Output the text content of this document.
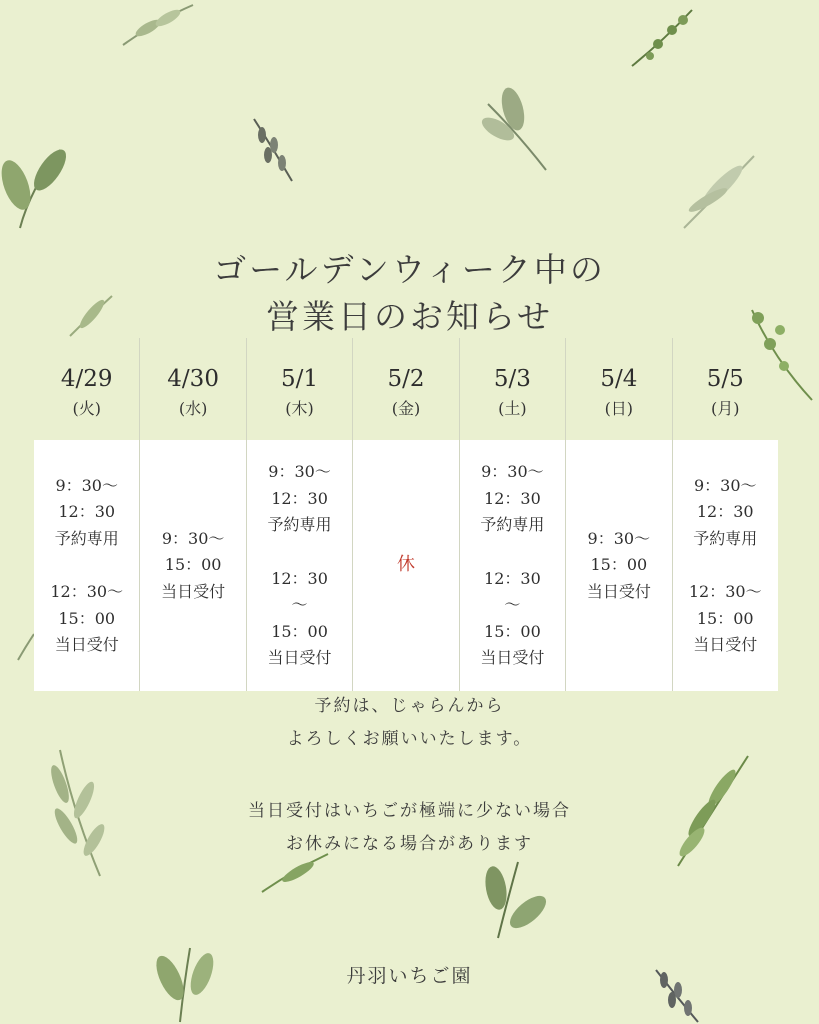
ゴールデンウィーク中の
営業日のお知らせ
4/29
(火)
9：30〜
12：30
予約専用
12：30〜
15：00
当日受付
4/30
(水)
9：30〜
15：00
当日受付
5/1
(木)
9：30〜
12：30
予約専用
12：30
〜
15：00
当日受付
5/2
(金)
休
5/3
(土)
9：30〜
12：30
予約専用
12：30
〜
15：00
当日受付
5/4
(日)
9：30〜
15：00
当日受付
5/5
(月)
9：30〜
12：30
予約専用
12：30〜
15：00
当日受付
予約は、じゃらんから
よろしくお願いいたします。
当日受付はいちごが極端に少ない場合
お休みになる場合があります
丹羽いちご園
